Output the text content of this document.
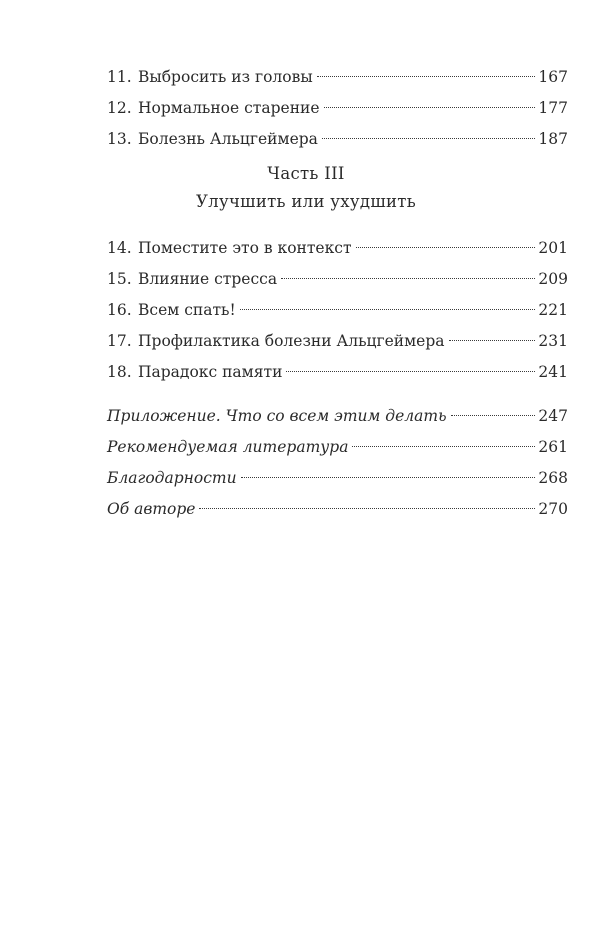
11. Выбросить из головы	167
12. Нормальное старение	177
13. Болезнь Альцгеймера	187
14. Поместите это в контекст	201
15. Влияние стресса	209
16. Всем спать!	221
17. Профилактика болезни Альцгеймера	231
18. Парадокс памяти	241
Приложение. Что со всем этим делать	247
Рекомендуемая литература	261
Благодарности	268
Об авторе	270
Часть III
Улучшить или ухудшить
